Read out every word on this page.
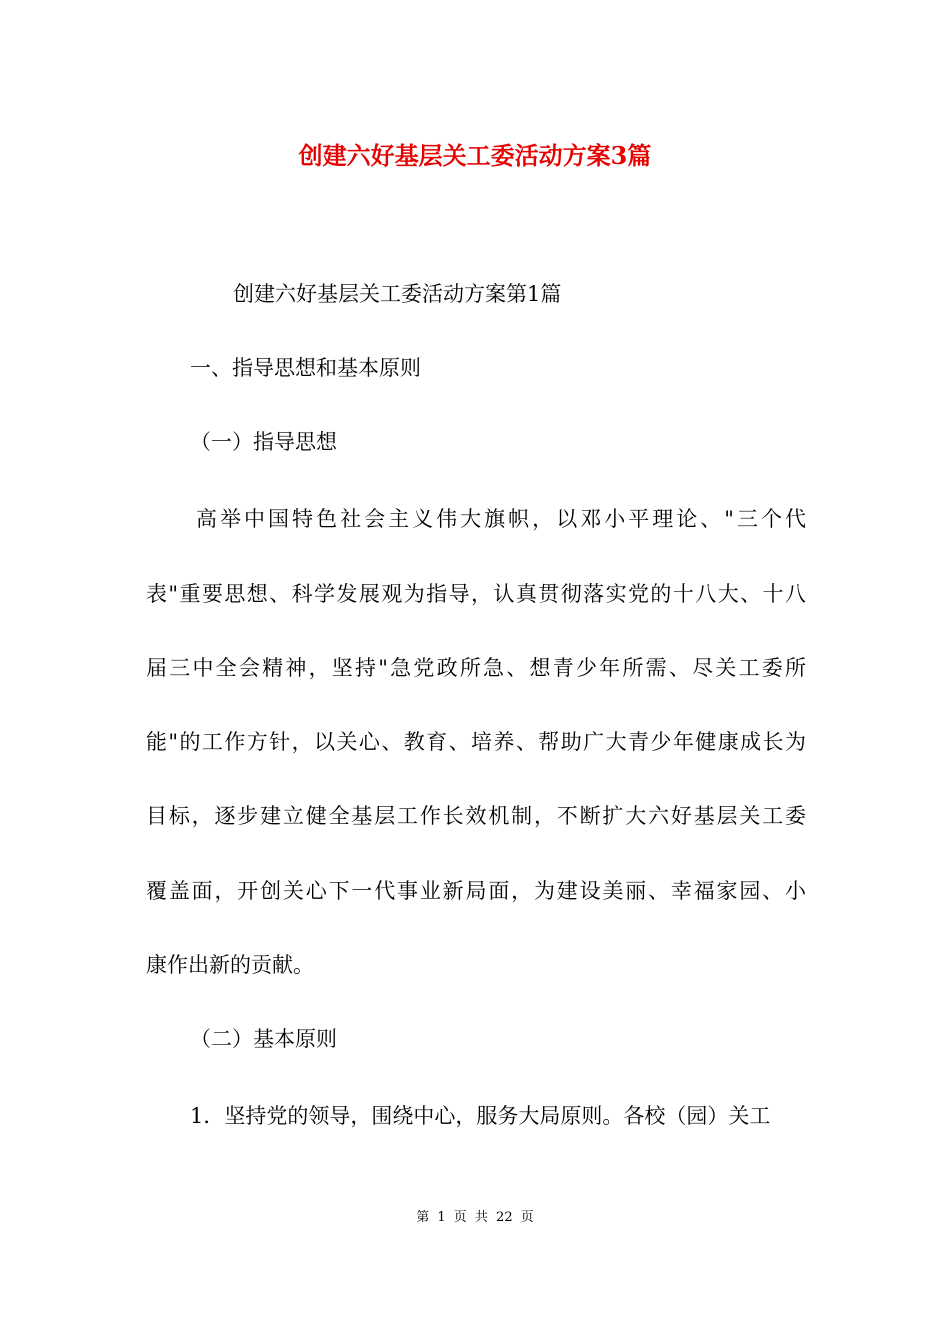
创建六好基层关工委活动方案3篇
创建六好基层关工委活动方案第1篇
一、指导思想和基本原则
（一）指导思想
高举中国特色社会主义伟大旗帜，以邓小平理论、"三个代
表"重要思想、科学发展观为指导，认真贯彻落实党的十八大、十八
届三中全会精神，坚持"急党政所急、想青少年所需、尽关工委所
能"的工作方针，以关心、教育、培养、帮助广大青少年健康成长为
目标，逐步建立健全基层工作长效机制，不断扩大六好基层关工委
覆盖面，开创关心下一代事业新局面，为建设美丽、幸福家园、小
康作出新的贡献。
（二）基本原则
1．坚持党的领导，围绕中心，服务大局原则。各校（园）关工
第 1 页 共 22 页
